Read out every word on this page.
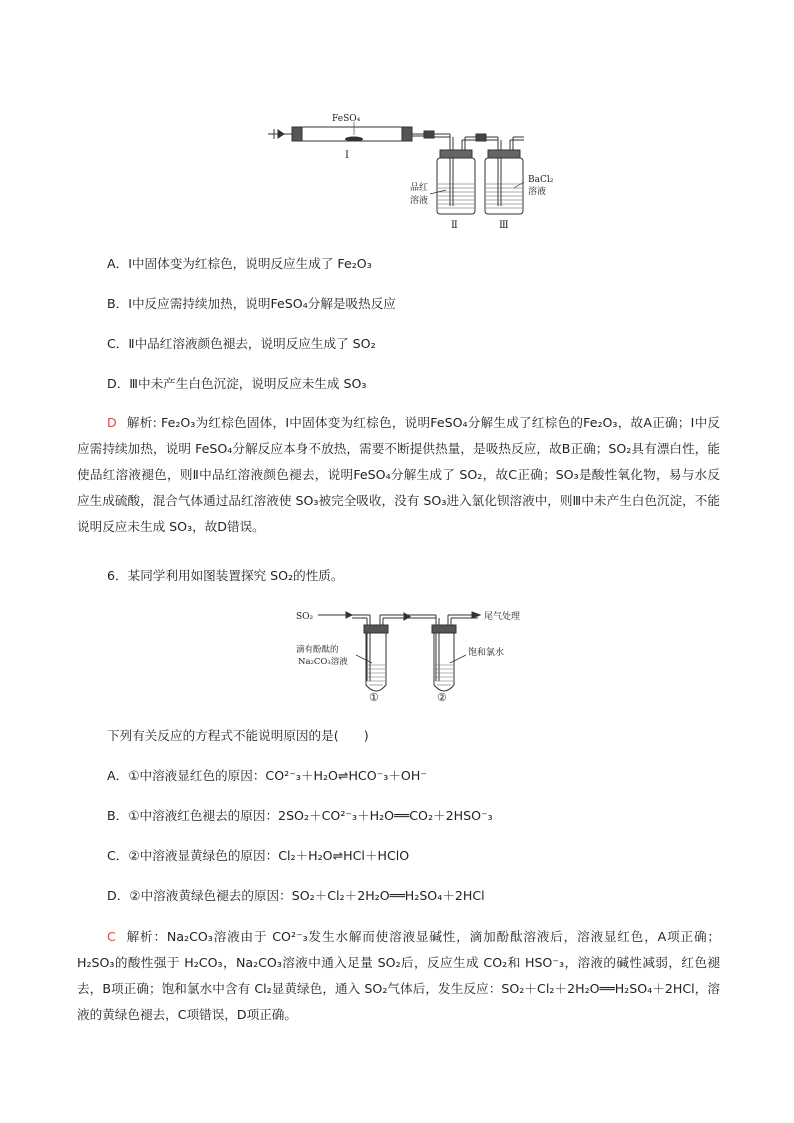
FeSO₄
Ⅰ
品红溶液
Ⅱ
BaCl₂ 溶液
Ⅲ
A．Ⅰ中固体变为红棕色，说明反应生成了 Fe₂O₃
B．Ⅰ中反应需持续加热，说明FeSO₄分解是吸热反应
C．Ⅱ中品红溶液颜色褪去，说明反应生成了 SO₂
D．Ⅲ中未产生白色沉淀，说明反应未生成 SO₃
D 解析: Fe₂O₃为红棕色固体，Ⅰ中固体变为红棕色，说明FeSO₄分解生成了红棕色的Fe₂O₃，故A正确；Ⅰ中反应需持续加热，说明 FeSO₄分解反应本身不放热，需要不断提供热量，是吸热反应，故B正确；SO₂具有漂白性，能使品红溶液褪色，则Ⅱ中品红溶液颜色褪去，说明FeSO₄分解生成了 SO₂，故C正确；SO₃是酸性氧化物，易与水反应生成硫酸，混合气体通过品红溶液使 SO₃被完全吸收，没有 SO₃进入氯化钡溶液中，则Ⅲ中未产生白色沉淀，不能说明反应未生成 SO₃，故D错误。
6．某同学利用如图装置探究 SO₂的性质。
SO₂	尾气处理
滴有酚酞的
Na₂CO₃溶液
饱和氯水
①	②
下列有关反应的方程式不能说明原因的是(　　)
A．①中溶液显红色的原因：CO²⁻₃＋H₂O⇌HCO⁻₃＋OH⁻
B．①中溶液红色褪去的原因：2SO₂＋CO²⁻₃＋H₂O══CO₂＋2HSO⁻₃
C．②中溶液显黄绿色的原因：Cl₂＋H₂O⇌HCl＋HClO
D．②中溶液黄绿色褪去的原因：SO₂＋Cl₂＋2H₂O══H₂SO₄＋2HCl
C 解析：Na₂CO₃溶液由于 CO²⁻₃发生水解而使溶液显碱性，滴加酚酞溶液后，溶液显红色，A项正确；H₂SO₃的酸性强于 H₂CO₃，Na₂CO₃溶液中通入足量 SO₂后，反应生成 CO₂和 HSO⁻₃，溶液的碱性减弱，红色褪去，B项正确；饱和氯水中含有 Cl₂显黄绿色，通入 SO₂气体后，发生反应：SO₂＋Cl₂＋2H₂O══H₂SO₄＋2HCl，溶液的黄绿色褪去，C项错误，D项正确。
